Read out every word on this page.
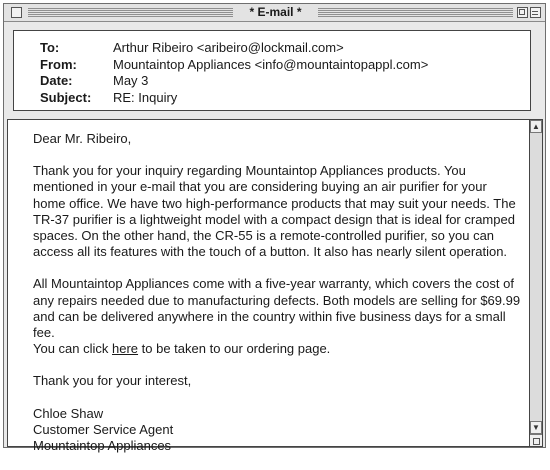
* E-mail *
To:	Arthur Ribeiro <aribeiro@lockmail.com>
From:	Mountaintop Appliances <info@mountaintopappl.com>
Date:	May 3
Subject: RE: Inquiry

Dear Mr. Ribeiro,

Thank you for your inquiry regarding Mountaintop Appliances products. You mentioned in your e-mail that you are considering buying an air purifier for your home office. We have two high-performance products that may suit your needs. The TR-37 purifier is a lightweight model with a compact design that is ideal for cramped spaces. On the other hand, the CR-55 is a remote-controlled purifier, so you can access all its features with the touch of a button. It also has nearly silent operation.

All Mountaintop Appliances come with a five-year warranty, which covers the cost of any repairs needed due to manufacturing defects. Both models are selling for $69.99 and can be delivered anywhere in the country within five business days for a small fee.
You can click here to be taken to our ordering page.

Thank you for your interest,

Chloe Shaw
Customer Service Agent
Mountaintop Appliances

▲
▼
